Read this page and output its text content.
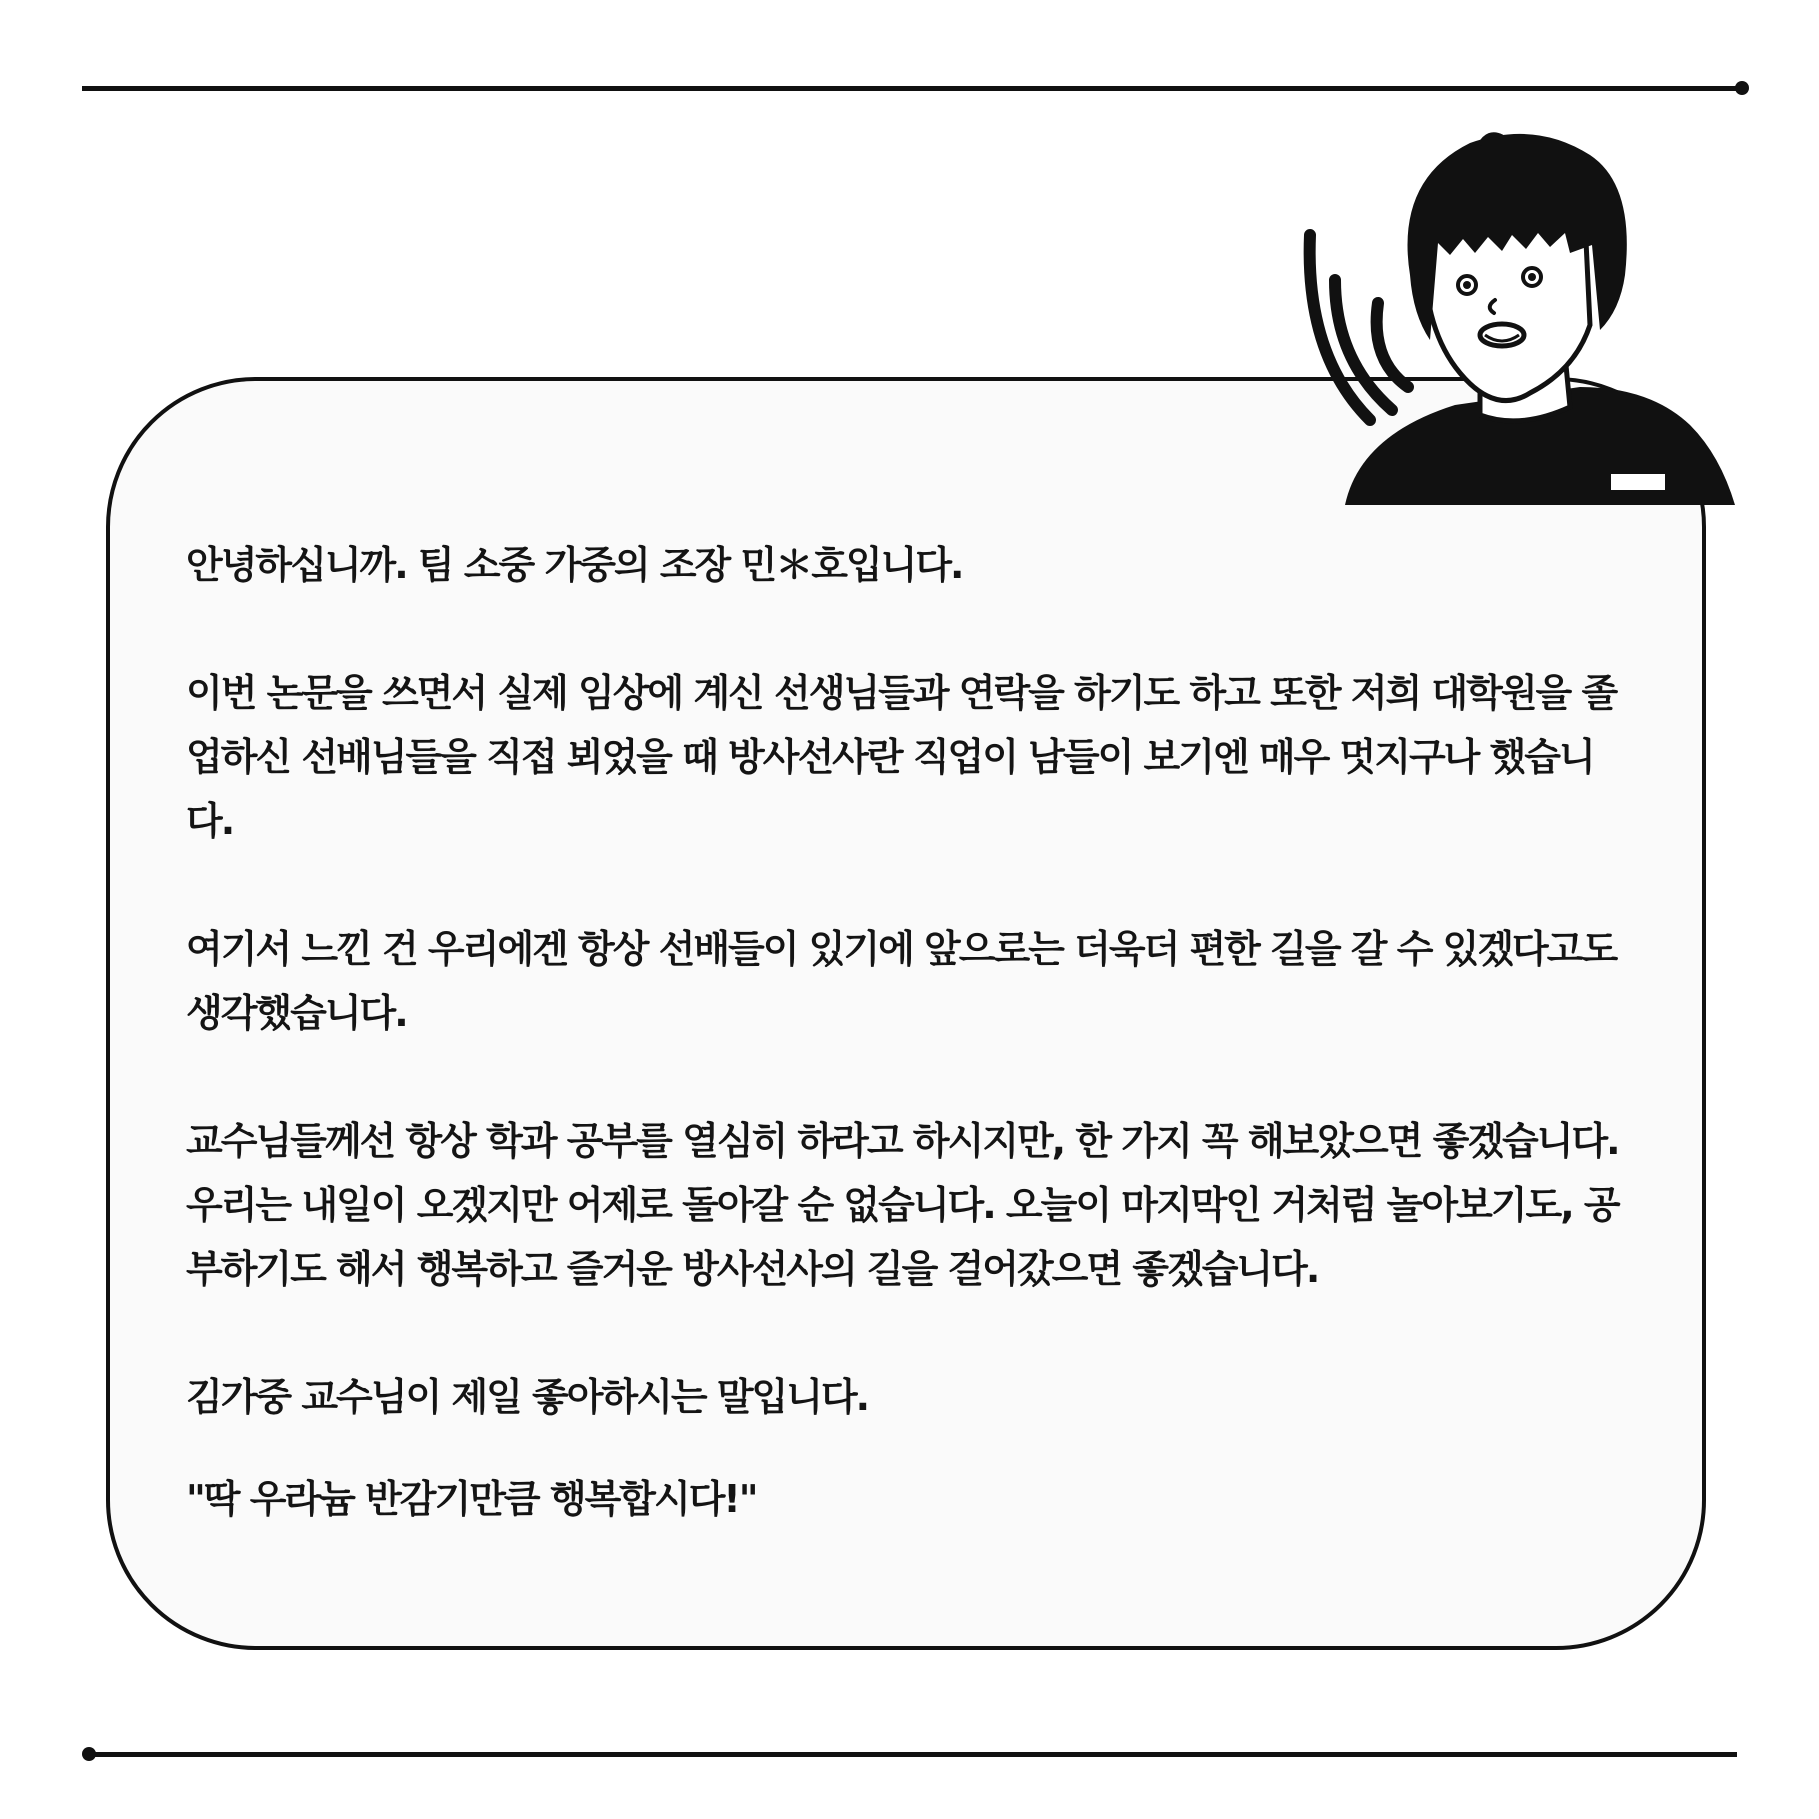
안녕하십니까. 팀 소중 가중의 조장 민＊호입니다.

이번 논문을 쓰면서 실제 임상에 계신 선생님들과 연락을 하기도 하고 또한 저희 대학원을 졸업하신 선배님들을 직접 뵈었을 때 방사선사란 직업이 남들이 보기엔 매우 멋지구나 했습니다.

여기서 느낀 건 우리에겐 항상 선배들이 있기에 앞으로는 더욱더 편한 길을 갈 수 있겠다고도 생각했습니다.

교수님들께선 항상 학과 공부를 열심히 하라고 하시지만, 한 가지 꼭 해보았으면 좋겠습니다.

우리는 내일이 오겠지만 어제로 돌아갈 순 없습니다. 오늘이 마지막인 거처럼 놀아보기도, 공부하기도 해서 행복하고 즐거운 방사선사의 길을 걸어갔으면 좋겠습니다.

김가중 교수님이 제일 좋아하시는 말입니다.

"딱 우라늄 반감기만큼 행복합시다!"
